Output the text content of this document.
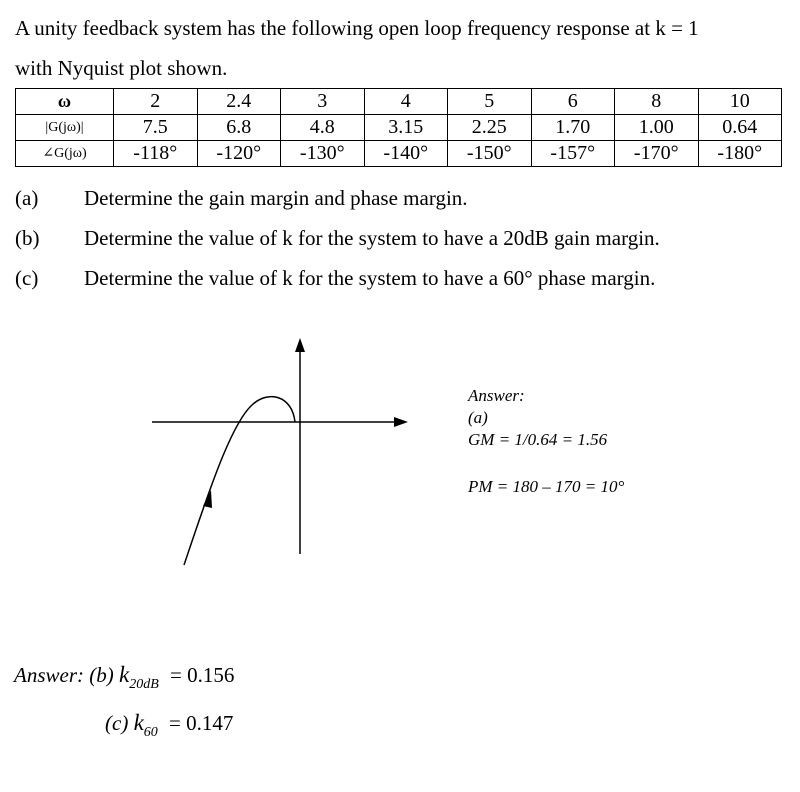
A unity feedback system has the following open loop frequency response at k = 1
with Nyquist plot shown.
ω	2	2.4	3	4	5	6	8	10
|G(jω)|	7.5	6.8	4.8	3.15	2.25	1.70	1.00	0.64
∠G(jω)	-118°	-120°	-130°	-140°	-150°	-157°	-170°	-180°
(a) Determine the gain margin and phase margin.
(b) Determine the value of k for the system to have a 20dB gain margin.
(c) Determine the value of k for the system to have a 60° phase margin.
Answer:
(a)
GM = 1/0.64 = 1.56
PM = 180 – 170 = 10°
Answer: (b) $k_{20dB} = 0.156$
(c) $k_{60} = 0.147$
